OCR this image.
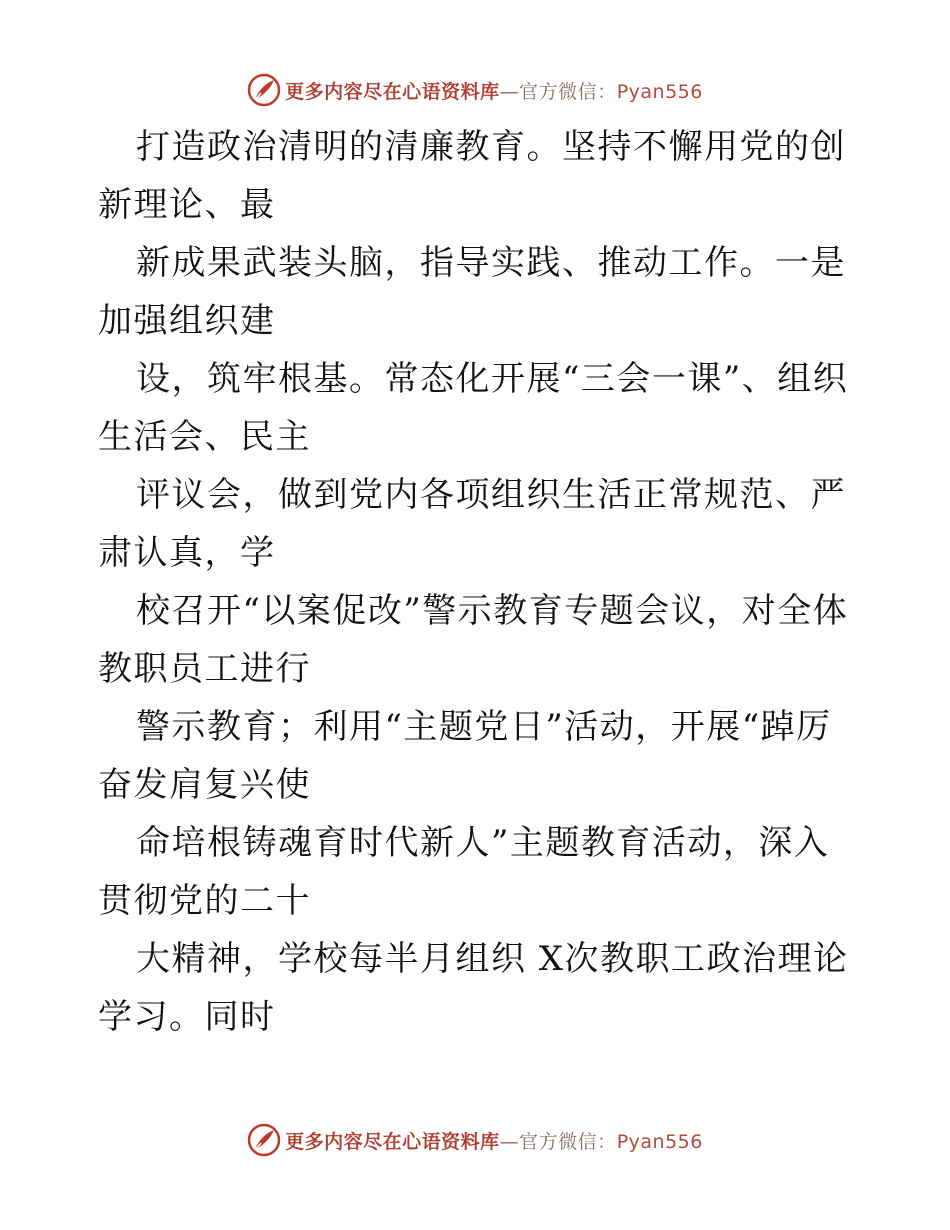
更多内容尽在心语资料库—官方微信：Pyan556

打造政治清明的清廉教育。坚持不懈用党的创新理论、最

新成果武装头脑，指导实践、推动工作。一是加强组织建

设，筑牢根基。常态化开展“三会一课”、组织生活会、民主

评议会，做到党内各项组织生活正常规范、严肃认真，学

校召开“以案促改”警示教育专题会议，对全体教职员工进行

警示教育；利用“主题党日”活动，开展“踔厉奋发肩复兴使

命培根铸魂育时代新人”主题教育活动，深入贯彻党的二十

大精神，学校每半月组织 X次教职工政治理论学习。同时

更多内容尽在心语资料库—官方微信：Pyan556
